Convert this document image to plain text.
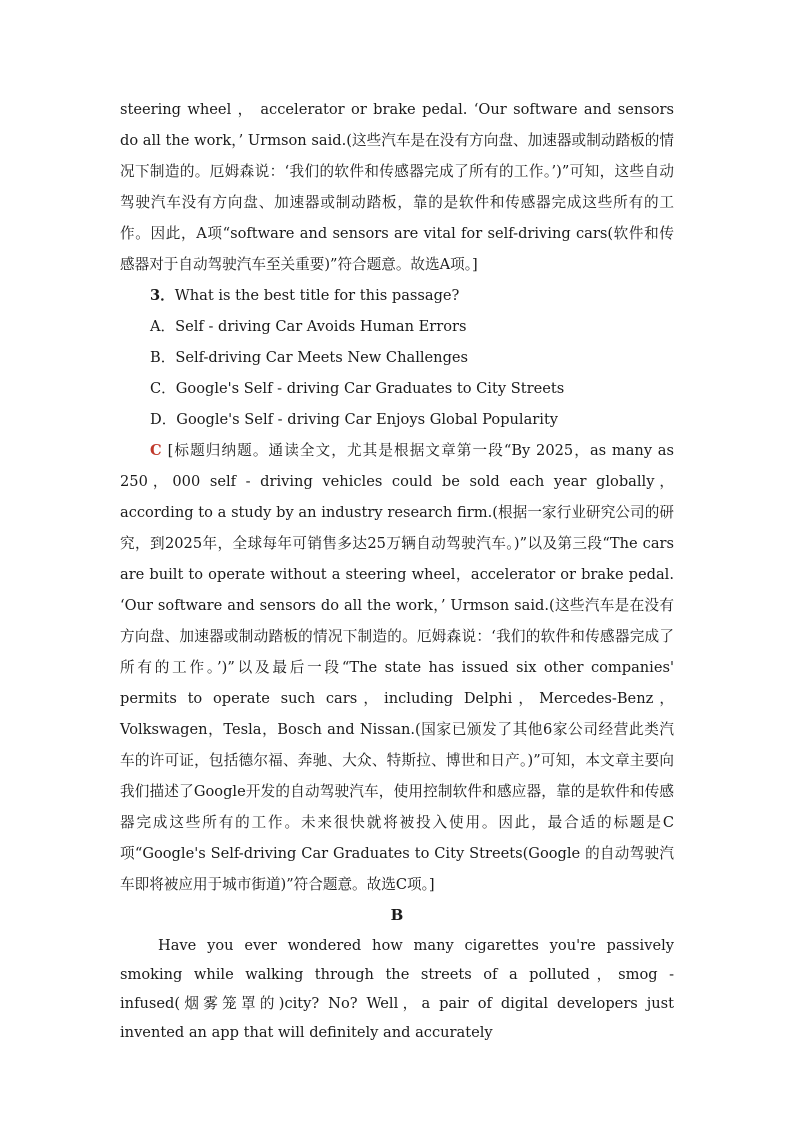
steering wheel ， accelerator or brake pedal. ‘Our software and sensors do all the work，’ Urmson said.(这些汽车是在没有方向盘、加速器或制动踏板的情况下制造的。厄姆森说：‘我们的软件和传感器完成了所有的工作。’)”可知，这些自动驾驶汽车没有方向盘、加速器或制动踏板，靠的是软件和传感器完成这些所有的工作。因此，A项“software and sensors are vital for self-driving cars(软件和传感器对于自动驾驶汽车至关重要)”符合题意。故选A项。]

3．What is the best title for this passage?

A．Self - driving Car Avoids Human Errors

B．Self-driving Car Meets New Challenges

C．Google's Self - driving Car Graduates to City Streets

D．Google's Self - driving Car Enjoys Global Popularity

C [标题归纳题。通读全文，尤其是根据文章第一段“By 2025，as many as 250，000 self - driving vehicles could be sold each year globally，according to a study by an industry research firm.(根据一家行业研究公司的研究，到2025年，全球每年可销售多达25万辆自动驾驶汽车。)”以及第三段“The cars are built to operate without a steering wheel，accelerator or brake pedal. ‘Our software and sensors do all the work，’ Urmson said.(这些汽车是在没有方向盘、加速器或制动踏板的情况下制造的。厄姆森说：‘我们的软件和传感器完成了所有的工作。’)”以及最后一段“The state has issued six other companies' permits to operate such cars，including Delphi，Mercedes-Benz，Volkswagen，Tesla，Bosch and Nissan.(国家已颁发了其他6家公司经营此类汽车的许可证，包括德尔福、奔驰、大众、特斯拉、博世和日产。)”可知，本文章主要向我们描述了Google开发的自动驾驶汽车，使用控制软件和感应器，靠的是软件和传感器完成这些所有的工作。未来很快就将被投入使用。因此，最合适的标题是C项“Google's Self-driving Car Graduates to City Streets(Google 的自动驾驶汽车即将被应用于城市街道)”符合题意。故选C项。]

B

Have you ever wondered how many cigarettes you're passively smoking while walking through the streets of a polluted，smog - infused(烟雾笼罩的)city? No? Well，a pair of digital developers just invented an app that will definitely and accurately
